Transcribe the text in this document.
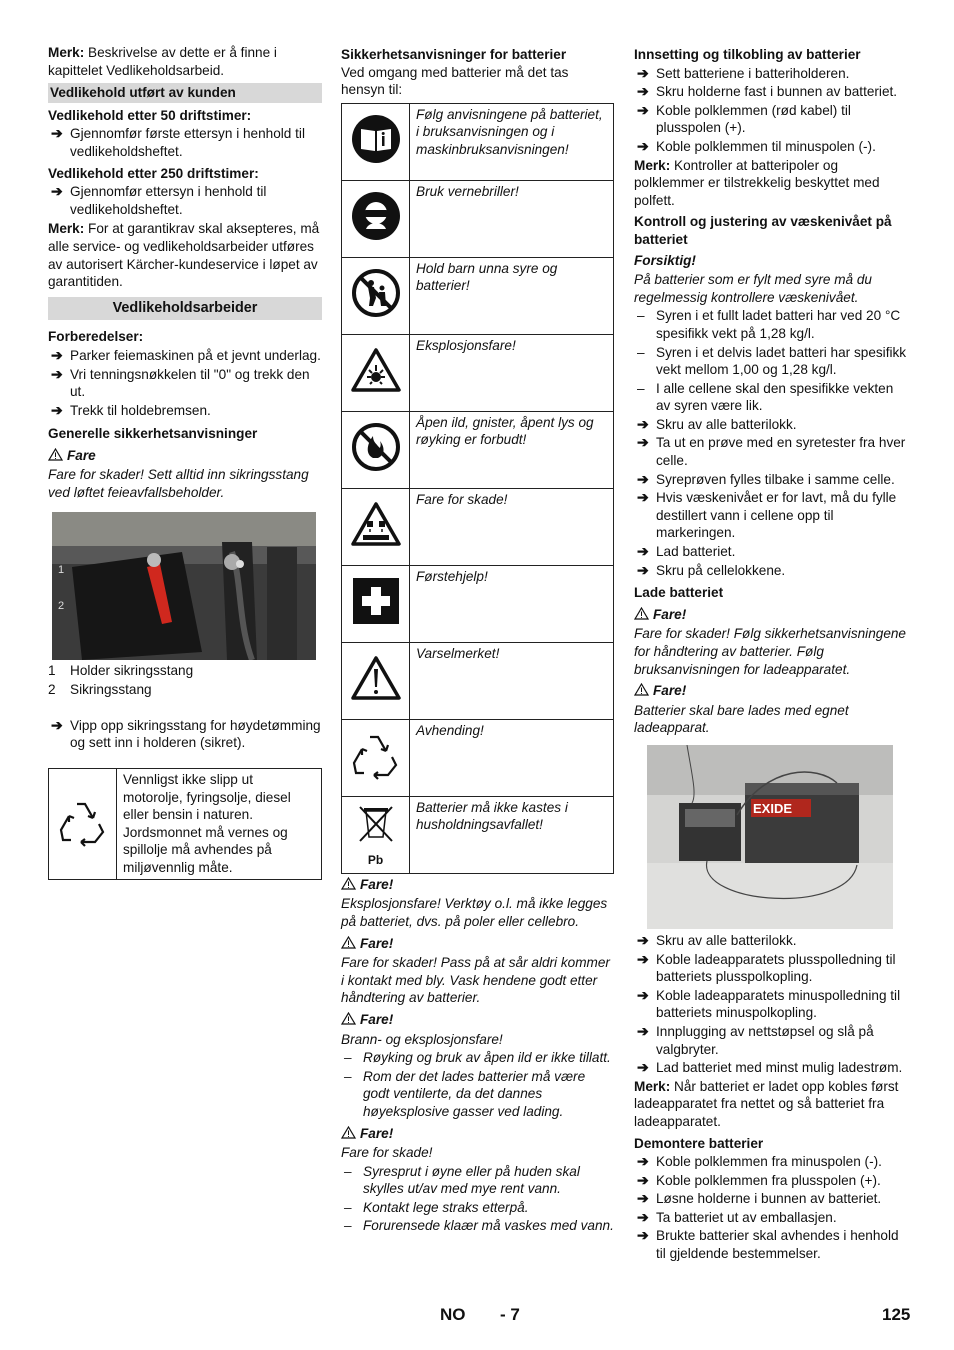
Merk: Beskrivelse av dette er å finne i kapittelet Vedlikeholdsarbeid.

Vedlikehold utført av kunden

Vedlikehold etter 50 driftstimer:

➔ Gjennomfør første ettersyn i henhold til vedlikeholdsheftet.

Vedlikehold etter 250 driftstimer:

➔ Gjennomfør ettersyn i henhold til vedlikeholdsheftet.

Merk: For at garantikrav skal aksepteres, må alle service- og vedlikeholdsarbeider utføres av autorisert Kärcher-kundeservice i løpet av garantitiden.

Vedlikeholdsarbeider

Forberedelser:

➔ Parker feiemaskinen på et jevnt underlag.
➔ Vri tenningsnøkkelen til "0" og trekk den ut.
➔ Trekk til holdebremsen.

Generelle sikkerhetsanvisninger

Fare

Fare for skader! Sett alltid inn sikringsstang ved løftet feieavfallsbeholder.

1
2
1	Holder sikringsstang
2	Sikringsstang
➔ Vipp opp sikringsstang for høydetømming og sett inn i holderen (sikret).
	Vennligst ikke slipp ut motorolje, fyringsolje, diesel eller bensin i naturen. Jordsmonnet må vernes og spillolje må avhendes på miljøvennlig måte.

Sikkerhetsanvisninger for batterier

Ved omgang med batterier må det tas hensyn til:

	Følg anvisningene på batteriet, i bruksanvisningen og i maskinbruksanvisningen!
	Bruk vernebriller!
	Hold barn unna syre og batterier!
	Eksplosjonsfare!
	Åpen ild, gnister, åpent lys og røyking er forbudt!
	Fare for skade!
	Førstehjelp!
	Varselmerket!
	Avhending!

Pb	Batterier må ikke kastes i husholdningsavfallet!

Fare!

Eksplosjonsfare! Verktøy o.l. må ikke legges på batteriet, dvs. på poler eller cellebro.

Fare!

Fare for skader! Pass på at sår aldri kommer i kontakt med bly. Vask hendene godt etter håndtering av batterier.

Fare!

Brann- og eksplosjonsfare!

– Røyking og bruk av åpen ild er ikke tillatt.
– Rom der det lades batterier må være godt ventilerte, da det dannes høyeksplosive gasser ved lading.

Fare!

Fare for skade!

– Syresprut i øyne eller på huden skal skylles ut/av med mye rent vann.
– Kontakt lege straks etterpå.
– Forurensede klaær må vaskes med vann.

Innsetting og tilkobling av batterier

➔ Sett batteriene i batteriholderen.
➔ Skru holderne fast i bunnen av batteriet.
➔ Koble polklemmen (rød kabel) til plusspolen (+).
➔ Koble polklemmen til minuspolen (-).

Merk: Kontroller at batteripoler og polklemmer er tilstrekkelig beskyttet med polfett.

Kontroll og justering av væskenivået på batteriet

Forsiktig!

På batterier som er fylt med syre må du regelmessig kontrollere væskenivået.

– Syren i et fullt ladet batteri har ved 20 °C spesifikk vekt på 1,28 kg/l.
– Syren i et delvis ladet batteri har spesifikk vekt mellom 1,00 og 1,28 kg/l.
– I alle cellene skal den spesifikke vekten av syren være lik.
➔ Skru av alle batterilokk.
➔ Ta ut en prøve med en syretester fra hver celle.
➔ Syreprøven fylles tilbake i samme celle.
➔ Hvis væskenivået er for lavt, må du fylle destillert vann i cellene opp til markeringen.
➔ Lad batteriet.
➔ Skru på cellelokkene.

Lade batteriet

Fare!

Fare for skader! Følg sikkerhetsanvisningene for håndtering av batterier. Følg bruksanvisningen for ladeapparatet.

Fare!

Batterier skal bare lades med egnet ladeapparat.

EXIDE
➔ Skru av alle batterilokk.
➔ Koble ladeapparatets plusspolledning til batteriets plusspolkopling.
➔ Koble ladeapparatets minuspolledning til batteriets minuspolkopling.
➔ Innplugging av nettstøpsel og slå på valgbryter.
➔ Lad batteriet med minst mulig ladestrøm.

Merk: Når batteriet er ladet opp kobles først ladeapparatet fra nettet og så batteriet fra ladeapparatet.

Demontere batterier

➔ Koble polklemmen fra minuspolen (-).
➔ Koble polklemmen fra plusspolen (+).
➔ Løsne holderne i bunnen av batteriet.
➔ Ta batteriet ut av emballasjen.
➔ Brukte batterier skal avhendes i henhold til gjeldende bestemmelser.
NO - 7	125
